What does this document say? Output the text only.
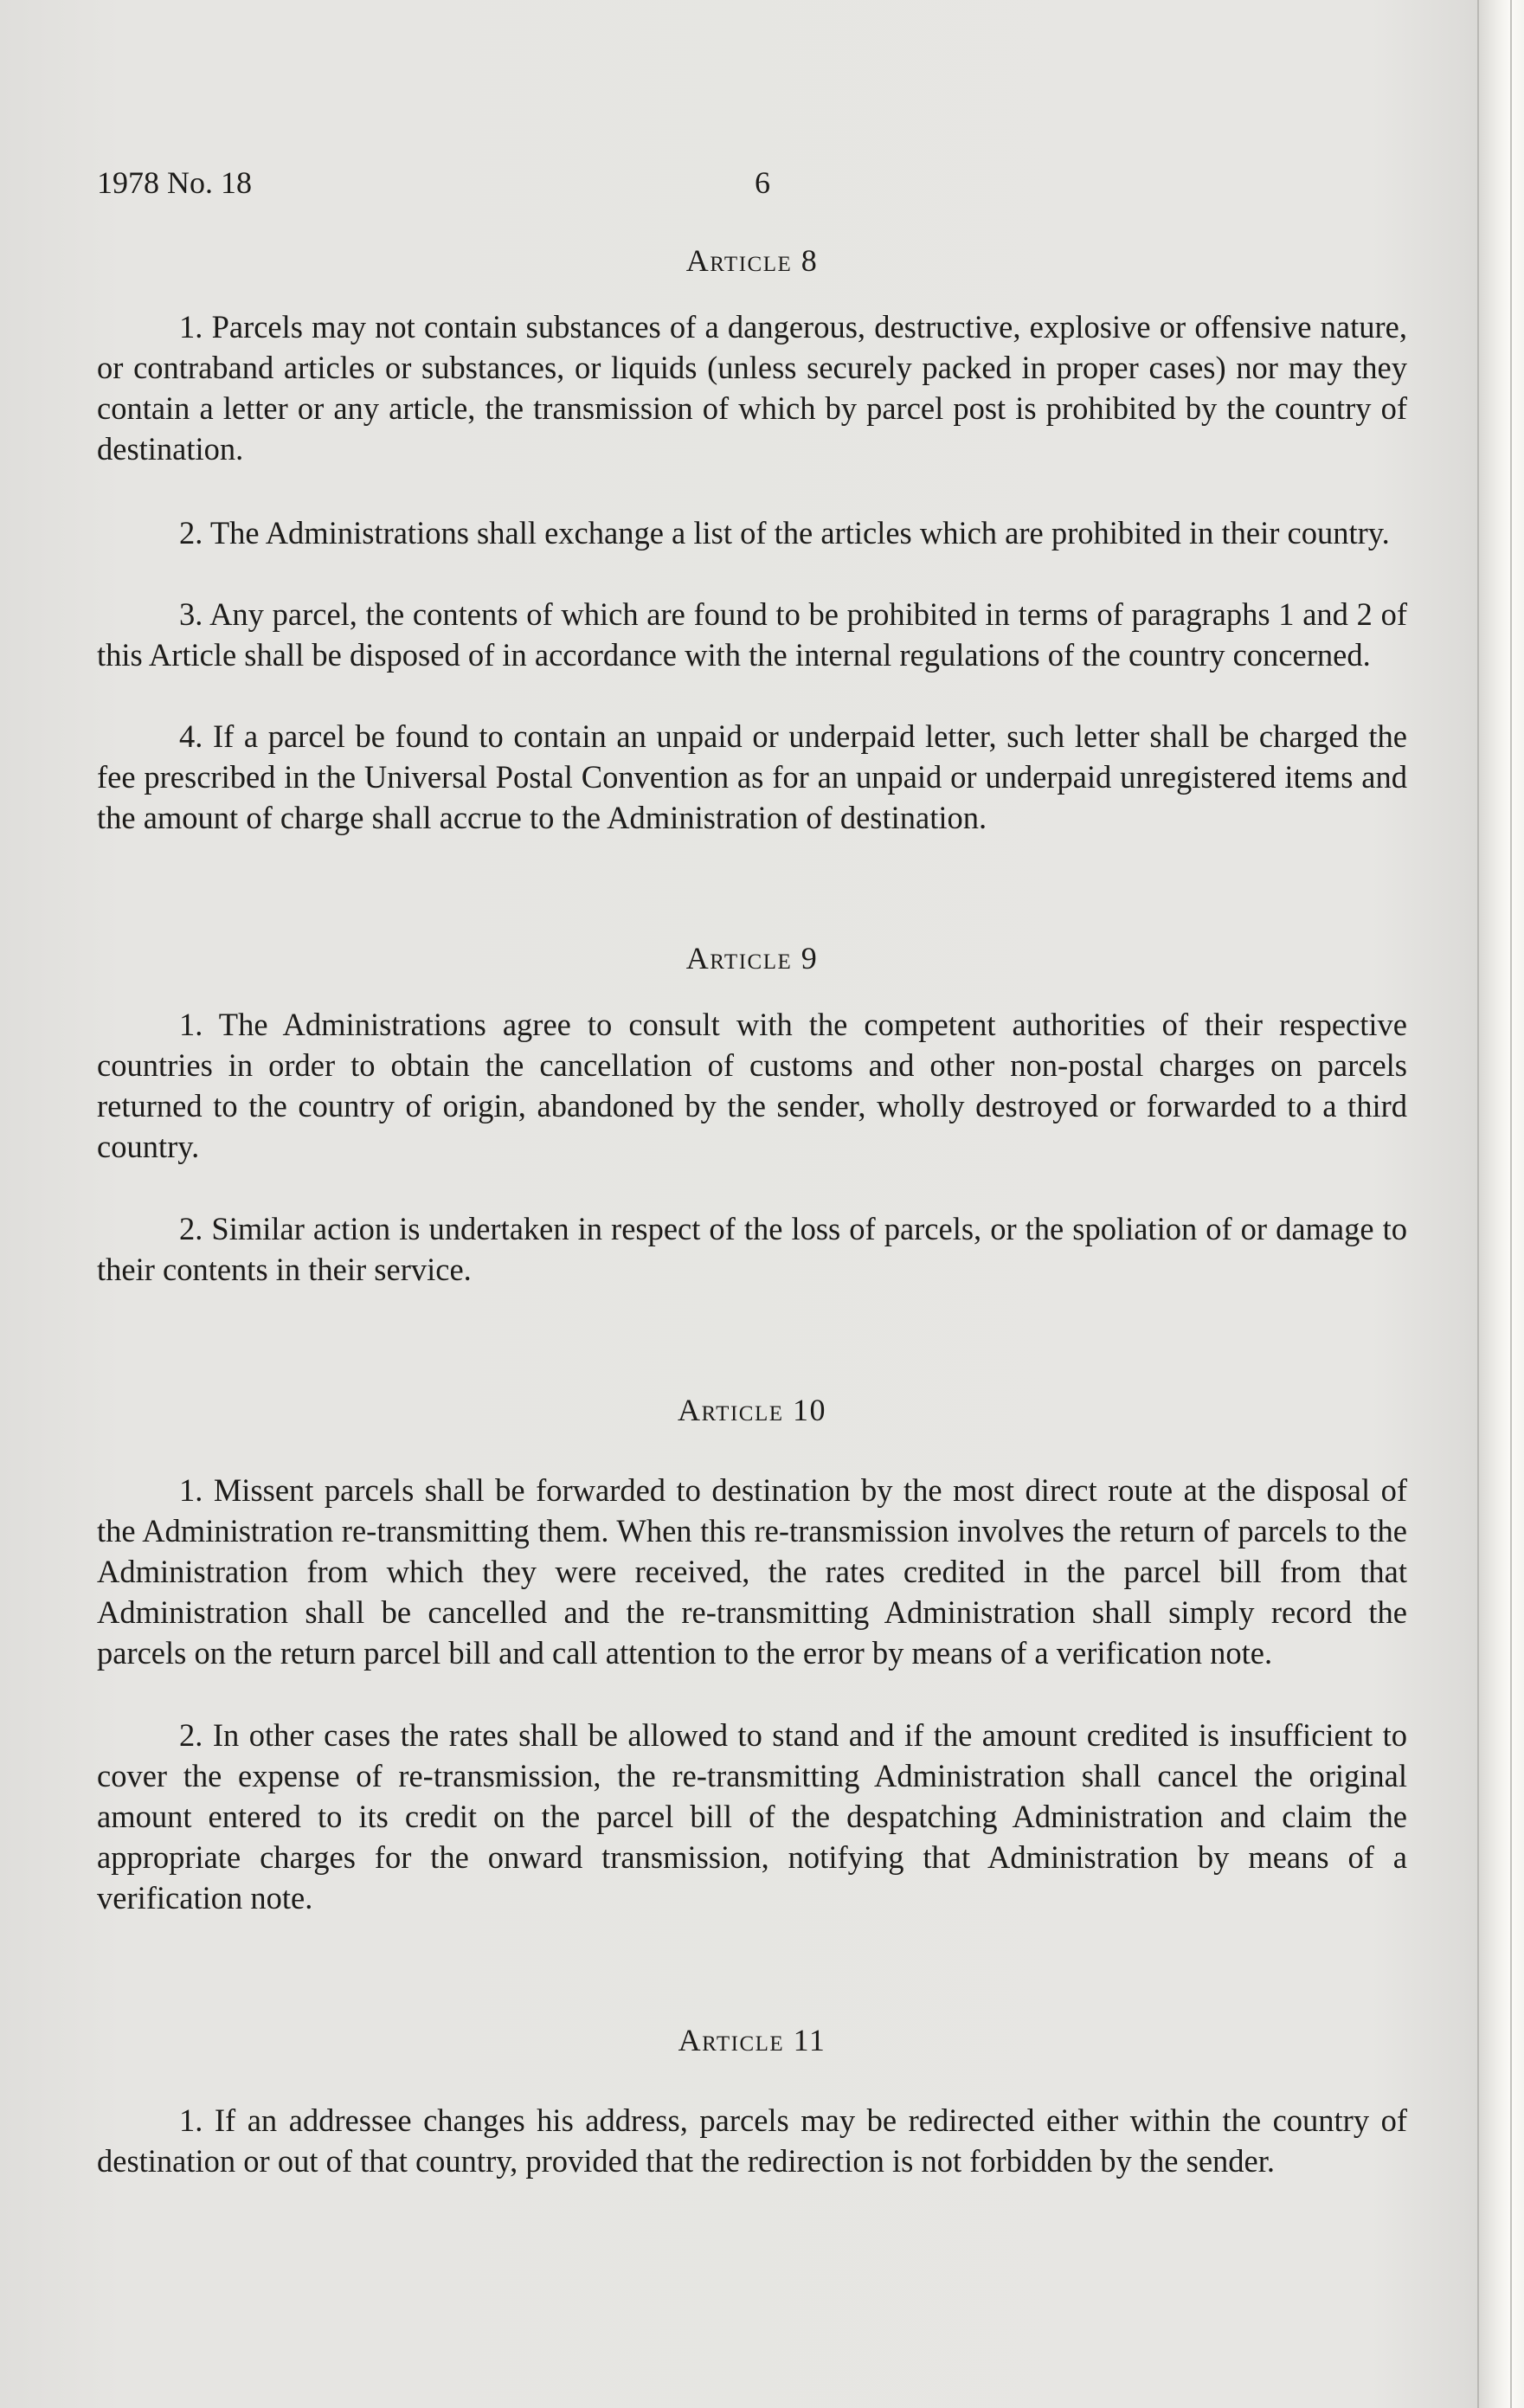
1978 No. 18	6
Article 8

1. Parcels may not contain substances of a dangerous, destructive, explosive or offensive nature, or contraband articles or substances, or liquids (unless securely packed in proper cases) nor may they contain a letter or any article, the transmission of which by parcel post is prohibited by the country of destination.

2. The Administrations shall exchange a list of the articles which are prohibited in their country.

3. Any parcel, the contents of which are found to be prohibited in terms of paragraphs 1 and 2 of this Article shall be disposed of in accordance with the internal regulations of the country concerned.

4. If a parcel be found to contain an unpaid or underpaid letter, such letter shall be charged the fee prescribed in the Universal Postal Convention as for an unpaid or underpaid unregistered items and the amount of charge shall accrue to the Administration of destination.

Article 9

1. The Administrations agree to consult with the competent authorities of their respective countries in order to obtain the cancellation of customs and other non-postal charges on parcels returned to the country of origin, abandoned by the sender, wholly destroyed or forwarded to a third country.

2. Similar action is undertaken in respect of the loss of parcels, or the spoliation of or damage to their contents in their service.

Article 10

1. Missent parcels shall be forwarded to destination by the most direct route at the disposal of the Administration re-transmitting them. When this re-transmission involves the return of parcels to the Administration from which they were received, the rates credited in the parcel bill from that Administration shall be cancelled and the re-transmitting Administration shall simply record the parcels on the return parcel bill and call attention to the error by means of a verification note.

2. In other cases the rates shall be allowed to stand and if the amount credited is insufficient to cover the expense of re-transmission, the re-transmitting Administration shall cancel the original amount entered to its credit on the parcel bill of the despatching Administration and claim the appropriate charges for the onward transmission, notifying that Administration by means of a verification note.

Article 11

1. If an addressee changes his address, parcels may be redirected either within the country of destination or out of that country, provided that the redirection is not forbidden by the sender.
